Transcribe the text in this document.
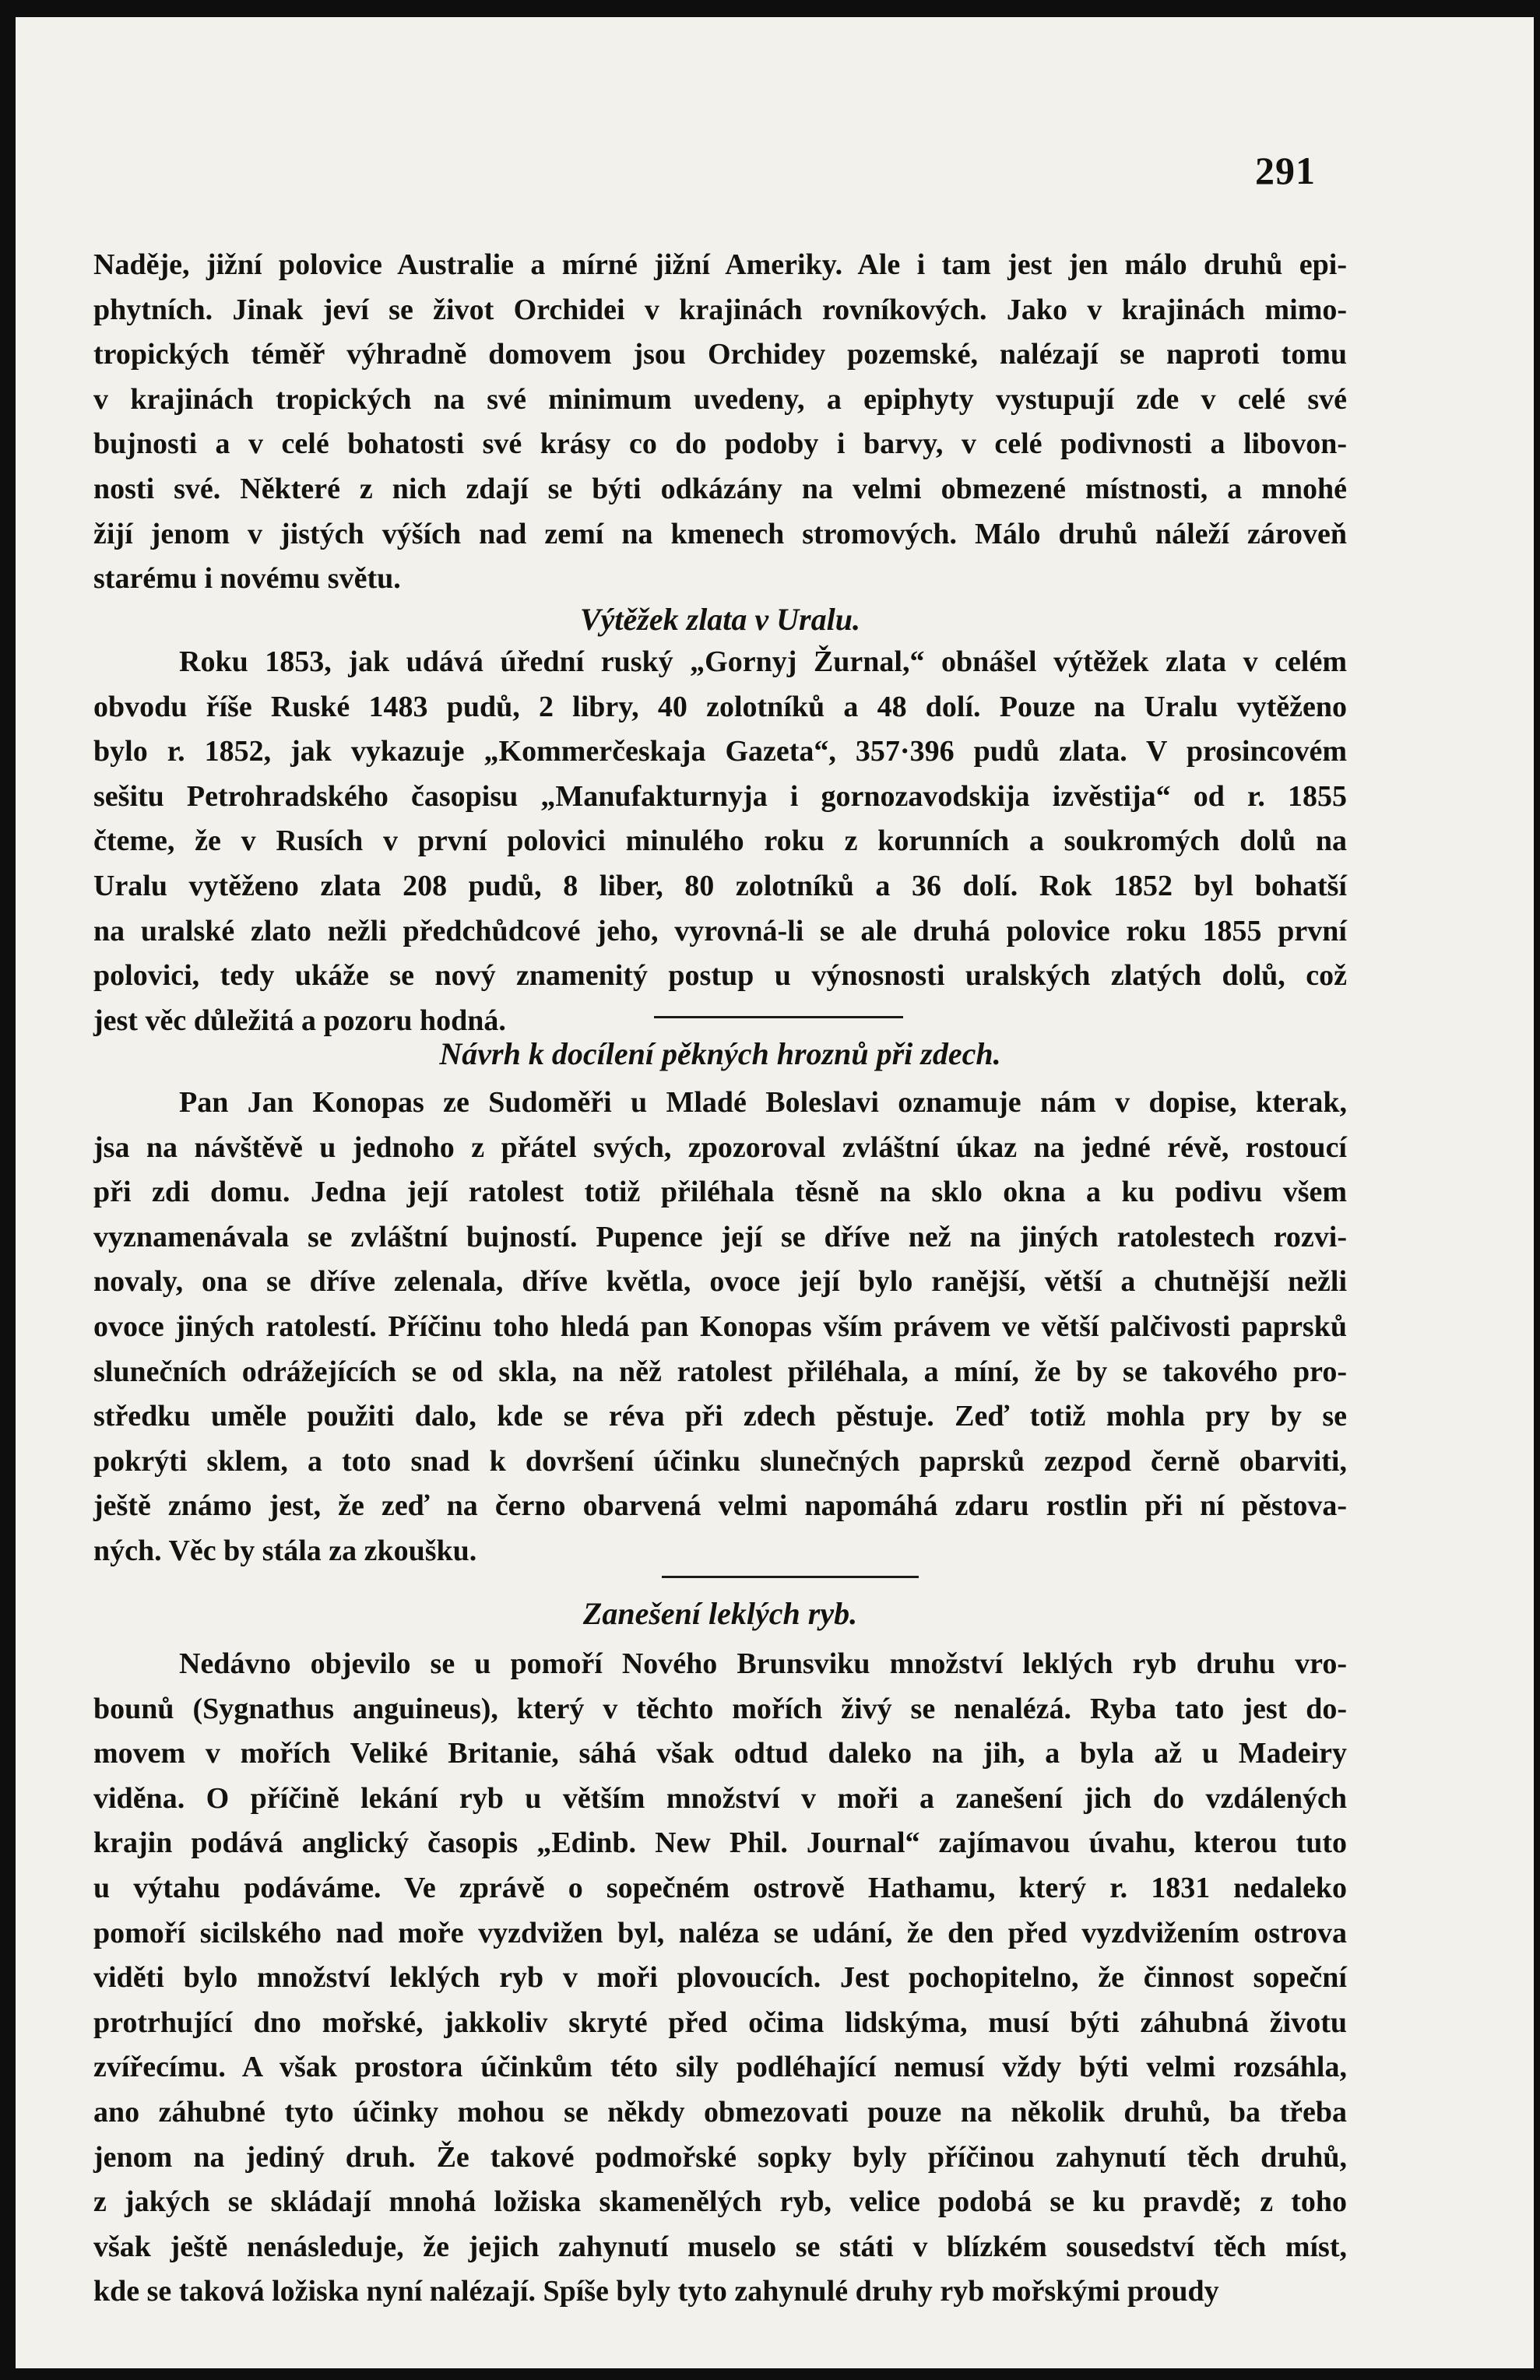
291

Naděje, jižní polovice Australie a mírné jižní Ameriky. Ale i tam jest jen málo druhů epi-
phytních. Jinak jeví se život Orchidei v krajinách rovníkových. Jako v krajinách mimo-
tropických téměř výhradně domovem jsou Orchidey pozemské, nalézají se naproti tomu
v krajinách tropických na své minimum uvedeny, a epiphyty vystupují zde v celé své
bujnosti a v celé bohatosti své krásy co do podoby i barvy, v celé podivnosti a libovon-
nosti své. Některé z nich zdají se býti odkázány na velmi obmezené místnosti, a mnohé
žijí jenom v jistých výších nad zemí na kmenech stromových. Málo druhů náleží zároveň
starému i novému světu.

Výtěžek zlata v Uralu.

Roku 1853, jak udává úřední ruský „Gornyj Žurnal,“ obnášel výtěžek zlata v celém
obvodu říše Ruské 1483 pudů, 2 libry, 40 zolotníků a 48 dolí. Pouze na Uralu vytěženo
bylo r. 1852, jak vykazuje „Kommerčeskaja Gazeta“, 357·396 pudů zlata. V prosincovém
sešitu Petrohradského časopisu „Manufakturnyja i gornozavodskija izvěstija“ od r. 1855
čteme, že v Rusích v první polovici minulého roku z korunních a soukromých dolů na
Uralu vytěženo zlata 208 pudů, 8 liber, 80 zolotníků a 36 dolí. Rok 1852 byl bohatší
na uralské zlato nežli předchůdcové jeho, vyrovná-li se ale druhá polovice roku 1855 první
polovici, tedy ukáže se nový znamenitý postup u výnosnosti uralských zlatých dolů, což
jest věc důležitá a pozoru hodná.

Návrh k docílení pěkných hroznů při zdech.

Pan Jan Konopas ze Sudoměři u Mladé Boleslavi oznamuje nám v dopise, kterak,
jsa na návštěvě u jednoho z přátel svých, zpozoroval zvláštní úkaz na jedné révě, rostoucí
při zdi domu. Jedna její ratolest totiž přiléhala těsně na sklo okna a ku podivu všem
vyznamenávala se zvláštní bujností. Pupence její se dříve než na jiných ratolestech rozvi-
novaly, ona se dříve zelenala, dříve květla, ovoce její bylo ranější, větší a chutnější nežli
ovoce jiných ratolestí. Příčinu toho hledá pan Konopas vším právem ve větší palčivosti paprsků
slunečních odrážejících se od skla, na něž ratolest přiléhala, a míní, že by se takového pro-
středku uměle použiti dalo, kde se réva při zdech pěstuje. Zeď totiž mohla pry by se
pokrýti sklem, a toto snad k dovršení účinku slunečných paprsků zezpod černě obarviti,
ještě známo jest, že zeď na černo obarvená velmi napomáhá zdaru rostlin při ní pěstova-
ných. Věc by stála za zkoušku.

Zanešení leklých ryb.

Nedávno objevilo se u pomoří Nového Brunsviku množství leklých ryb druhu vro-
bounů (Sygnathus anguineus), který v těchto mořích živý se nenalézá. Ryba tato jest do-
movem v mořích Veliké Britanie, sáhá však odtud daleko na jih, a byla až u Madeiry
viděna. O příčině lekání ryb u větším množství v moři a zanešení jich do vzdálených
krajin podává anglický časopis „Edinb. New Phil. Journal“ zajímavou úvahu, kterou tuto
u výtahu podáváme. Ve zprávě o sopečném ostrově Hathamu, který r. 1831 nedaleko
pomoří sicilského nad moře vyzdvižen byl, naléza se udání, že den před vyzdvižením ostrova
viděti bylo množství leklých ryb v moři plovoucích. Jest pochopitelno, že činnost sopeční
protrhující dno mořské, jakkoliv skryté před očima lidskýma, musí býti záhubná životu
zvířecímu. A však prostora účinkům této sily podléhající nemusí vždy býti velmi rozsáhla,
ano záhubné tyto účinky mohou se někdy obmezovati pouze na několik druhů, ba třeba
jenom na jediný druh. Že takové podmořské sopky byly příčinou zahynutí těch druhů,
z jakých se skládají mnohá ložiska skamenělých ryb, velice podobá se ku pravdě; z toho
však ještě nenásleduje, že jejich zahynutí muselo se státi v blízkém sousedství těch míst,
kde se taková ložiska nyní nalézají. Spíše byly tyto zahynulé druhy ryb mořskými proudy
